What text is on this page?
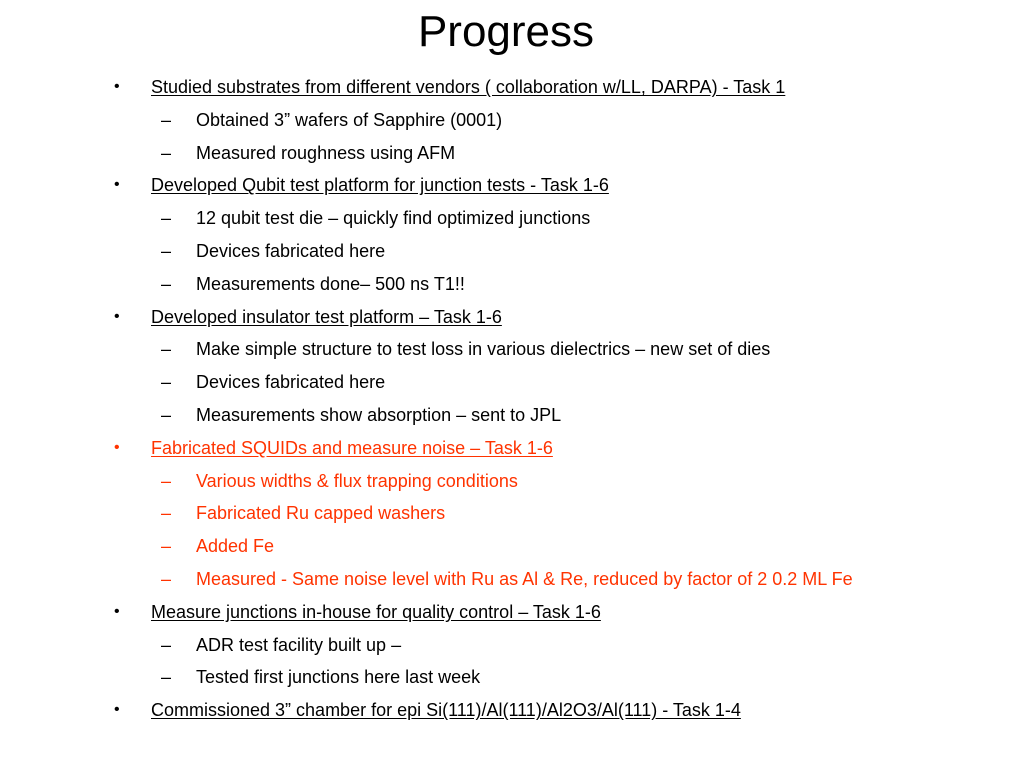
Progress
• Studied substrates from different vendors ( collaboration w/LL, DARPA) - Task 1
– Obtained 3” wafers of Sapphire (0001)
– Measured roughness using AFM
• Developed Qubit test platform for junction tests - Task 1-6
– 12 qubit test die – quickly find optimized junctions
– Devices fabricated here
– Measurements done– 500 ns T1!!
• Developed insulator test platform – Task 1-6
– Make simple structure to test loss in various dielectrics – new set of dies
– Devices fabricated here
– Measurements show absorption – sent to JPL
• Fabricated SQUIDs and measure noise – Task 1-6
– Various widths & flux trapping conditions
– Fabricated Ru capped washers
– Added Fe
– Measured - Same noise level with Ru as Al & Re, reduced by factor of 2 0.2 ML Fe
• Measure junctions in-house for quality control – Task 1-6
– ADR test facility built up –
– Tested first junctions here last week
• Commissioned 3” chamber for epi Si(111)/Al(111)/Al2O3/Al(111) - Task 1-4
